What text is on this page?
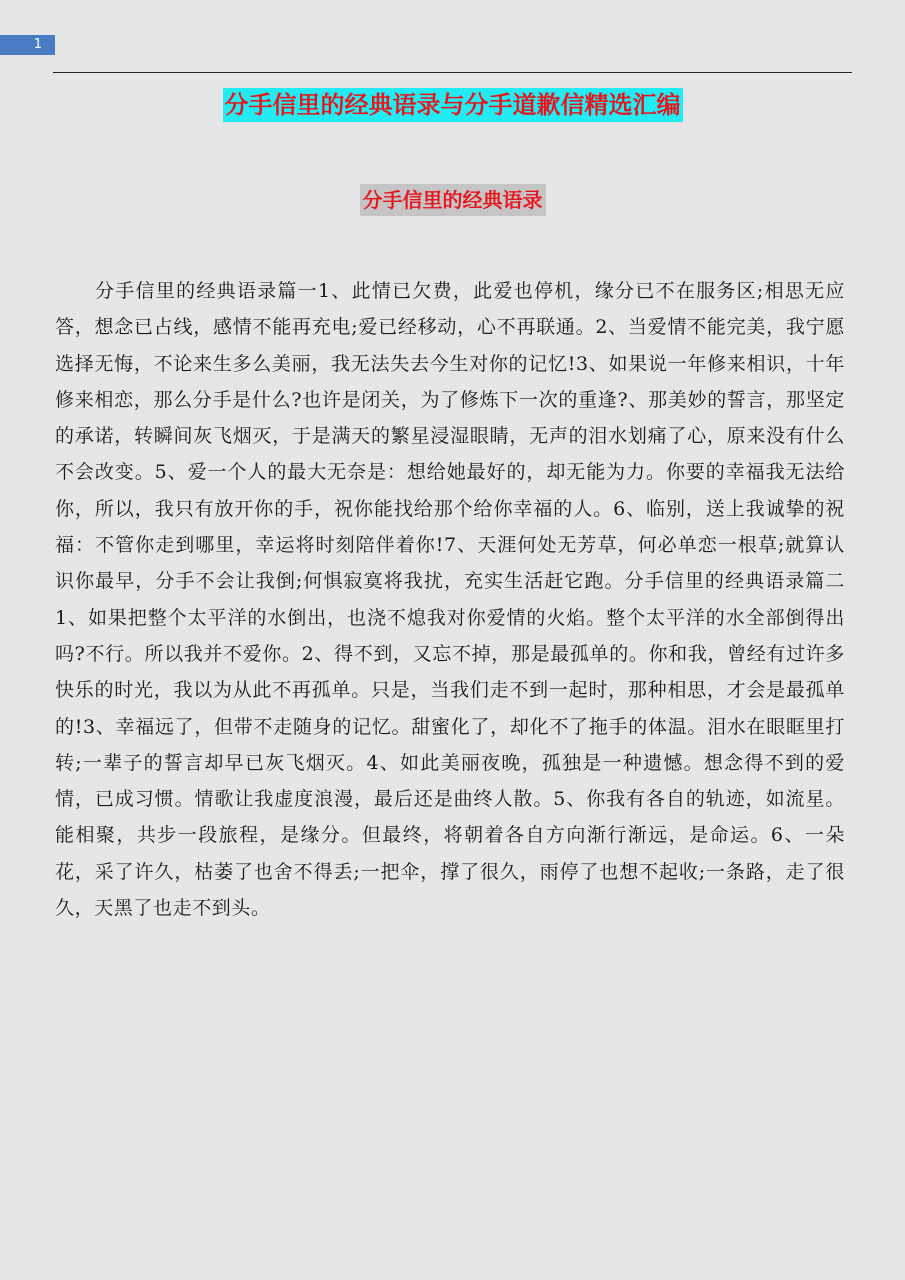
1
分手信里的经典语录与分手道歉信精选汇编
分手信里的经典语录

分手信里的经典语录篇一1、此情已欠费，此爱也停机，缘分已不在服务区;相思无应答，想念已占线，感情不能再充电;爱已经移动，心不再联通。2、当爱情不能完美，我宁愿选择无悔，不论来生多么美丽，我无法失去今生对你的记忆!3、如果说一年修来相识，十年修来相恋，那么分手是什么?也许是闭关，为了修炼下一次的重逢?、那美妙的誓言，那坚定的承诺，转瞬间灰飞烟灭，于是满天的繁星浸湿眼睛，无声的泪水划痛了心，原来没有什么不会改变。5、爱一个人的最大无奈是：想给她最好的，却无能为力。你要的幸福我无法给你，所以，我只有放开你的手，祝你能找给那个给你幸福的人。6、临别，送上我诚挚的祝福：不管你走到哪里，幸运将时刻陪伴着你!7、天涯何处无芳草，何必单恋一根草;就算认识你最早，分手不会让我倒;何惧寂寞将我扰，充实生活赶它跑。分手信里的经典语录篇二1、如果把整个太平洋的水倒出，也浇不熄我对你爱情的火焰。整个太平洋的水全部倒得出吗?不行。所以我并不爱你。2、得不到，又忘不掉，那是最孤单的。你和我，曾经有过许多快乐的时光，我以为从此不再孤单。只是，当我们走不到一起时，那种相思，才会是最孤单的!3、幸福远了，但带不走随身的记忆。甜蜜化了，却化不了拖手的体温。泪水在眼眶里打转;一辈子的誓言却早已灰飞烟灭。4、如此美丽夜晚，孤独是一种遗憾。想念得不到的爱情，已成习惯。情歌让我虚度浪漫，最后还是曲终人散。5、你我有各自的轨迹，如流星。能相聚，共步一段旅程，是缘分。但最终，将朝着各自方向渐行渐远，是命运。6、一朵花，采了许久，枯萎了也舍不得丢;一把伞，撑了很久，雨停了也想不起收;一条路，走了很久，天黑了也走不到头。
